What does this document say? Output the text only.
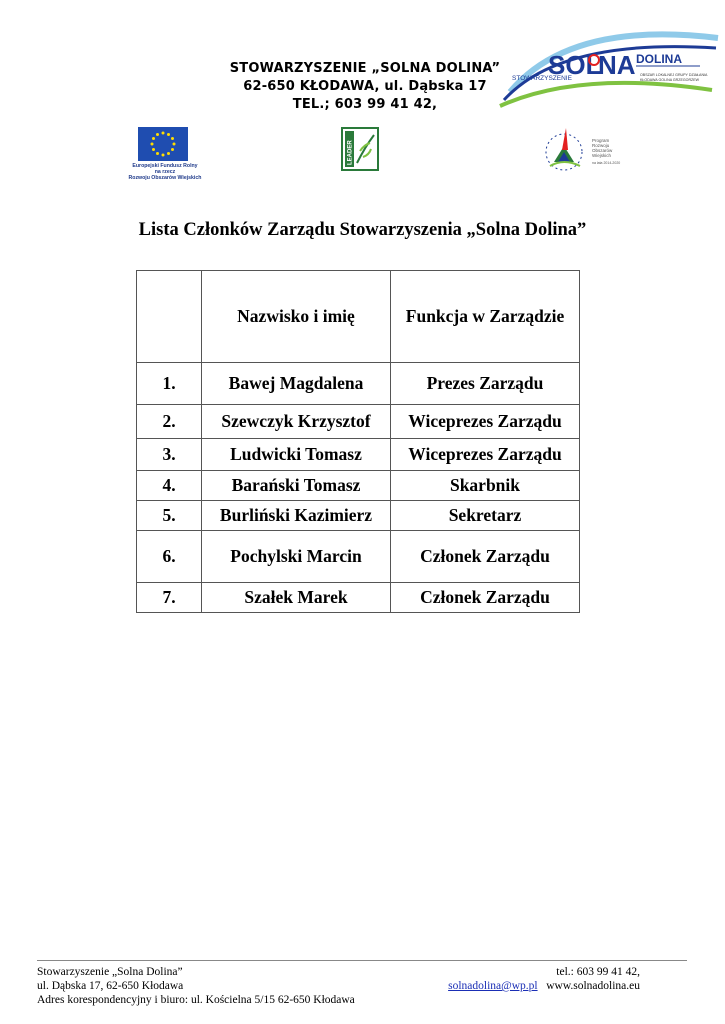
STOWARZYSZENIE „SOLNA DOLINA”
62-650 KŁODAWA, ul. Dąbska 17
TEL.; 603 99 41 42,
SOL
NA DOLINA
STOWARZYSZENIE	OBSZAR LOKALNEJ GRUPY DZIAŁANIA
KŁODAWA GOLINA GRZEGORZEW
Europejski Fundusz Rolny
na rzecz
Rozwoju Obszarów Wiejskich
LEADER	Program
Rozwoju
Obszarów
Wiejskich
na lata 2014-2020
Lista Członków Zarządu Stowarzyszenia „Solna Dolina”
	Nazwisko i imię	Funkcja w Zarządzie
1.	Bawej Magdalena	Prezes Zarządu
2.	Szewczyk Krzysztof	Wiceprezes Zarządu
3.	Ludwicki Tomasz	Wiceprezes Zarządu
4.	Barański Tomasz	Skarbnik
5.	Burliński Kazimierz	Sekretarz
6.	Pochylski Marcin	Członek Zarządu
7.	Szałek Marek	Członek Zarządu
Stowarzyszenie „Solna Dolina”
ul. Dąbska 17, 62-650 Kłodawa
Adres korespondencyjny i biuro: ul. Kościelna 5/15 62-650 Kłodawa
tel.: 603 99 41 42,
solnadolina@wp.pl www.solnadolina.eu
